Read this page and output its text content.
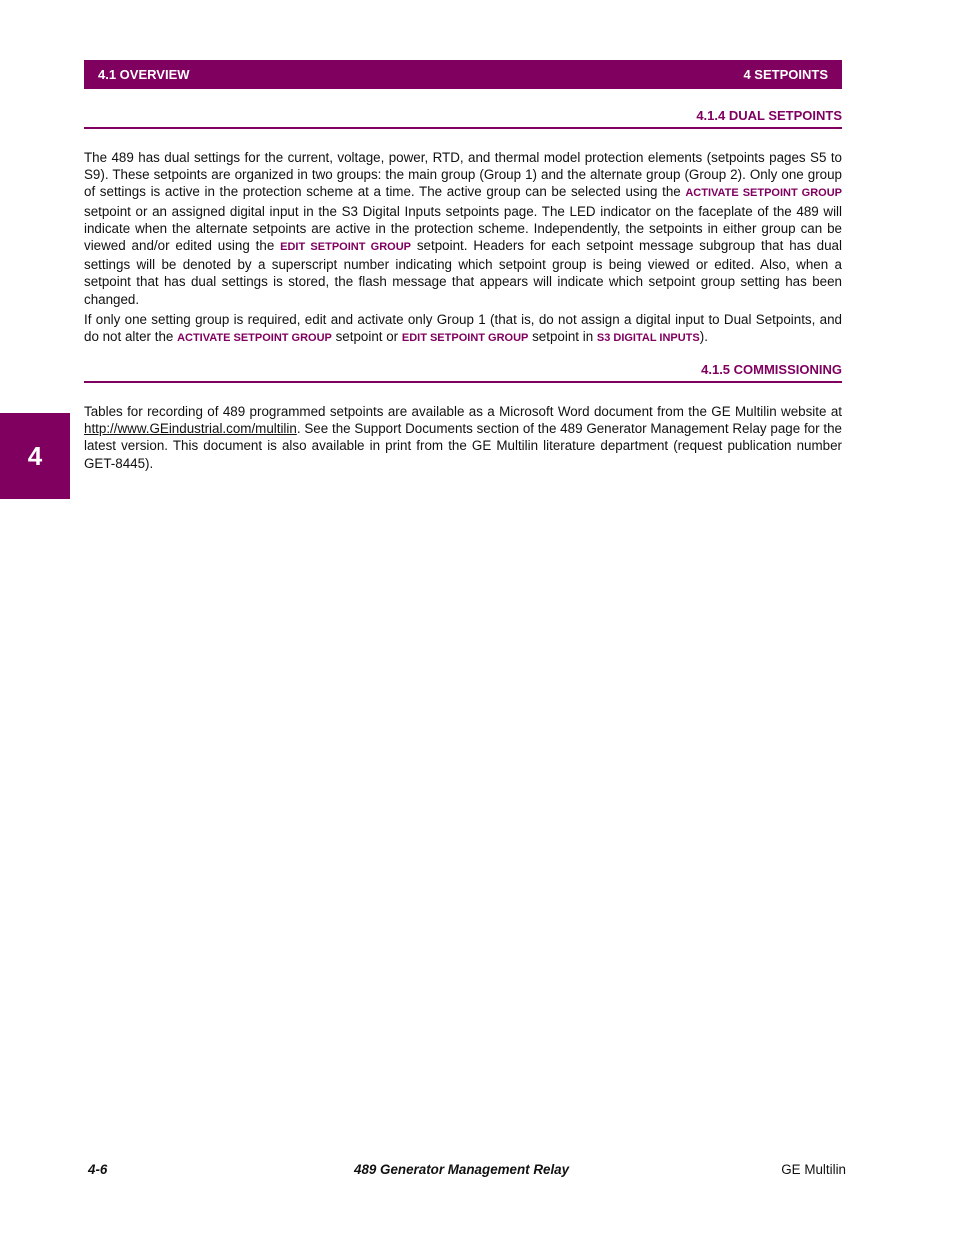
4.1 OVERVIEW	4 SETPOINTS
4.1.4 DUAL SETPOINTS

The 489 has dual settings for the current, voltage, power, RTD, and thermal model protection elements (setpoints pages S5 to S9). These setpoints are organized in two groups: the main group (Group 1) and the alternate group (Group 2). Only one group of settings is active in the protection scheme at a time. The active group can be selected using the ACTIVATE SETPOINT GROUP setpoint or an assigned digital input in the S3 Digital Inputs setpoints page. The LED indicator on the faceplate of the 489 will indicate when the alternate setpoints are active in the protection scheme. Independently, the setpoints in either group can be viewed and/or edited using the EDIT SETPOINT GROUP setpoint. Headers for each setpoint message subgroup that has dual settings will be denoted by a superscript number indicating which setpoint group is being viewed or edited. Also, when a setpoint that has dual settings is stored, the flash message that appears will indicate which setpoint group setting has been changed.

If only one setting group is required, edit and activate only Group 1 (that is, do not assign a digital input to Dual Setpoints, and do not alter the ACTIVATE SETPOINT GROUP setpoint or EDIT SETPOINT GROUP setpoint in S3 DIGITAL INPUTS).

4.1.5 COMMISSIONING

Tables for recording of 489 programmed setpoints are available as a Microsoft Word document from the GE Multilin website at http://www.GEindustrial.com/multilin. See the Support Documents section of the 489 Generator Management Relay page for the latest version. This document is also available in print from the GE Multilin literature department (request publication number GET-8445).

4
4-6	489 Generator Management Relay	GE Multilin
